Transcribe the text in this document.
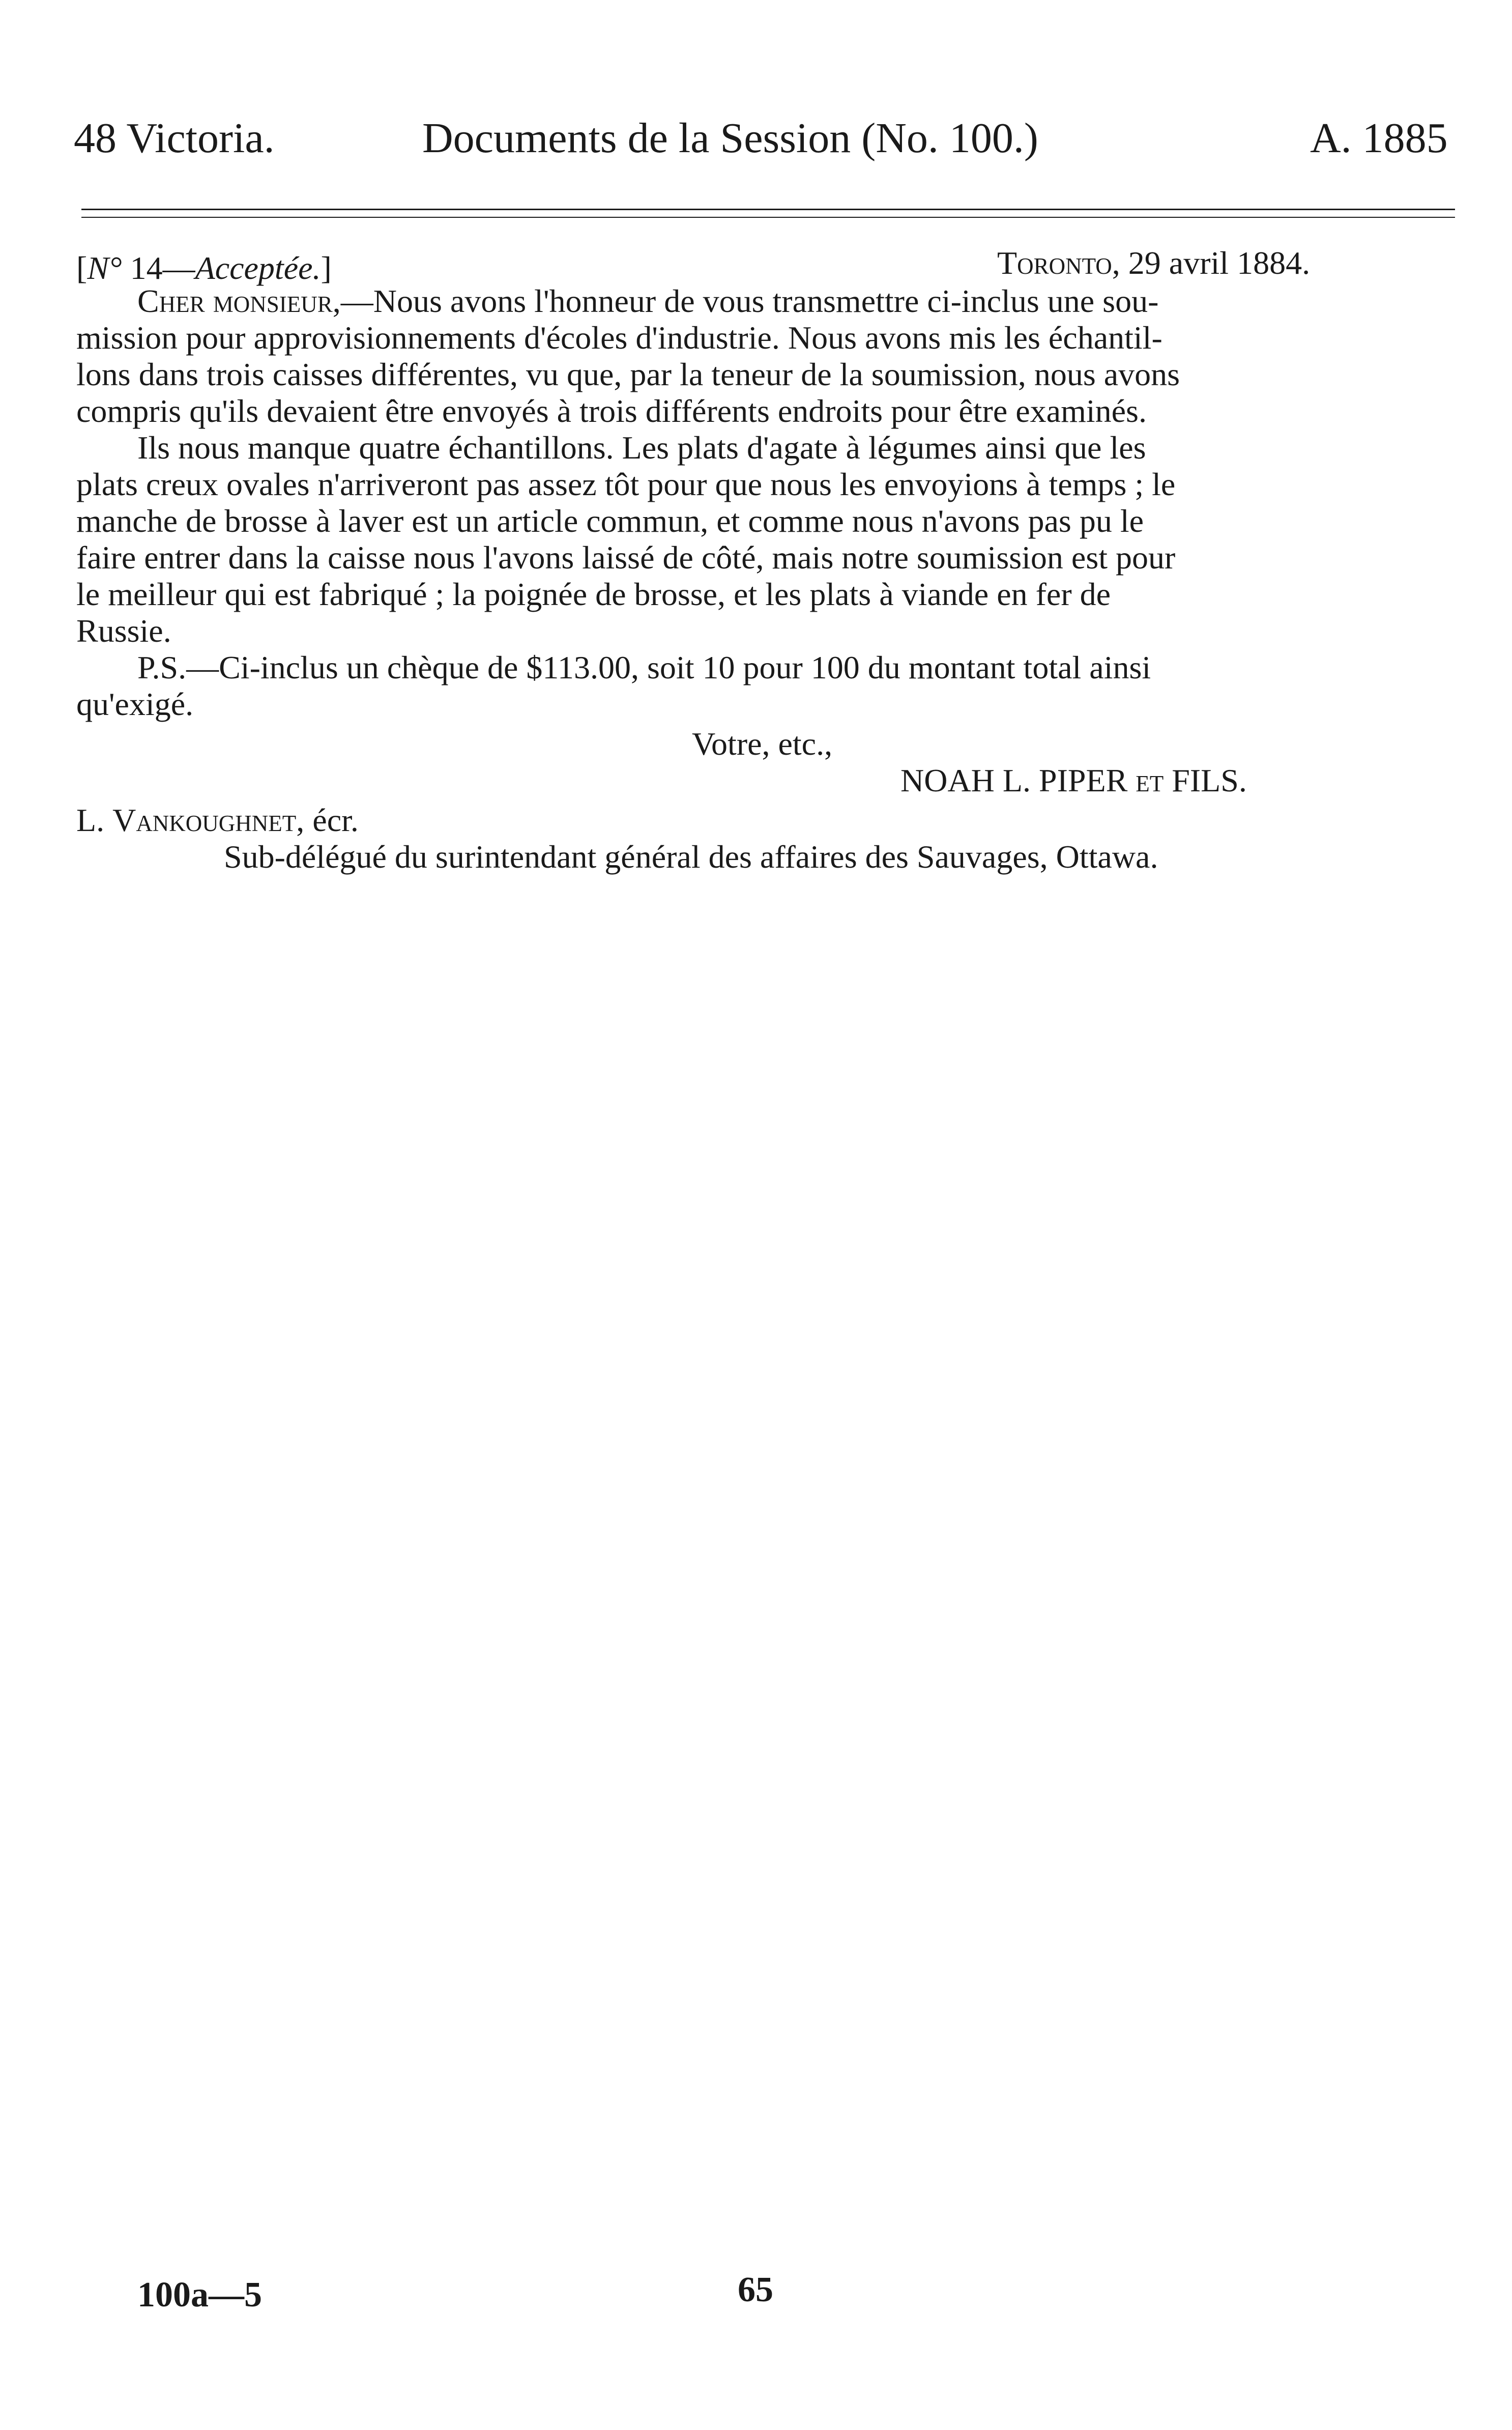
48 Victoria.	Documents de la Session (No. 100.)	A. 1885
[N° 14—Acceptée.]	Toronto, 29 avril 1884.
Cher monsieur, —Nous avons l'honneur de vous transmettre ci-inclus une sou-
mission pour approvisionnements d'écoles d'industrie. Nous avons mis les échantil-
lons dans trois caisses différentes, vu que, par la teneur de la soumission, nous avons
compris qu'ils devaient être envoyés à trois différents endroits pour être examinés.
Ils nous manque quatre échantillons. Les plats d'agate à légumes ainsi que les
plats creux ovales n'arriveront pas assez tôt pour que nous les envoyions à temps ; le
manche de brosse à laver est un article commun, et comme nous n'avons pas pu le
faire entrer dans la caisse nous l'avons laissé de côté, mais notre soumission est pour
le meilleur qui est fabriqué ; la poignée de brosse, et les plats à viande en fer de
Russie.
P.S.—Ci-inclus un chèque de $113.00, soit 10 pour 100 du montant total ainsi
qu'exigé.
Votre, etc.,
NOAH L. PIPER et FILS.
L. Vankoughnet, écr.
Sub-délégué du surintendant général des affaires des Sauvages, Ottawa.
100a—5	65
